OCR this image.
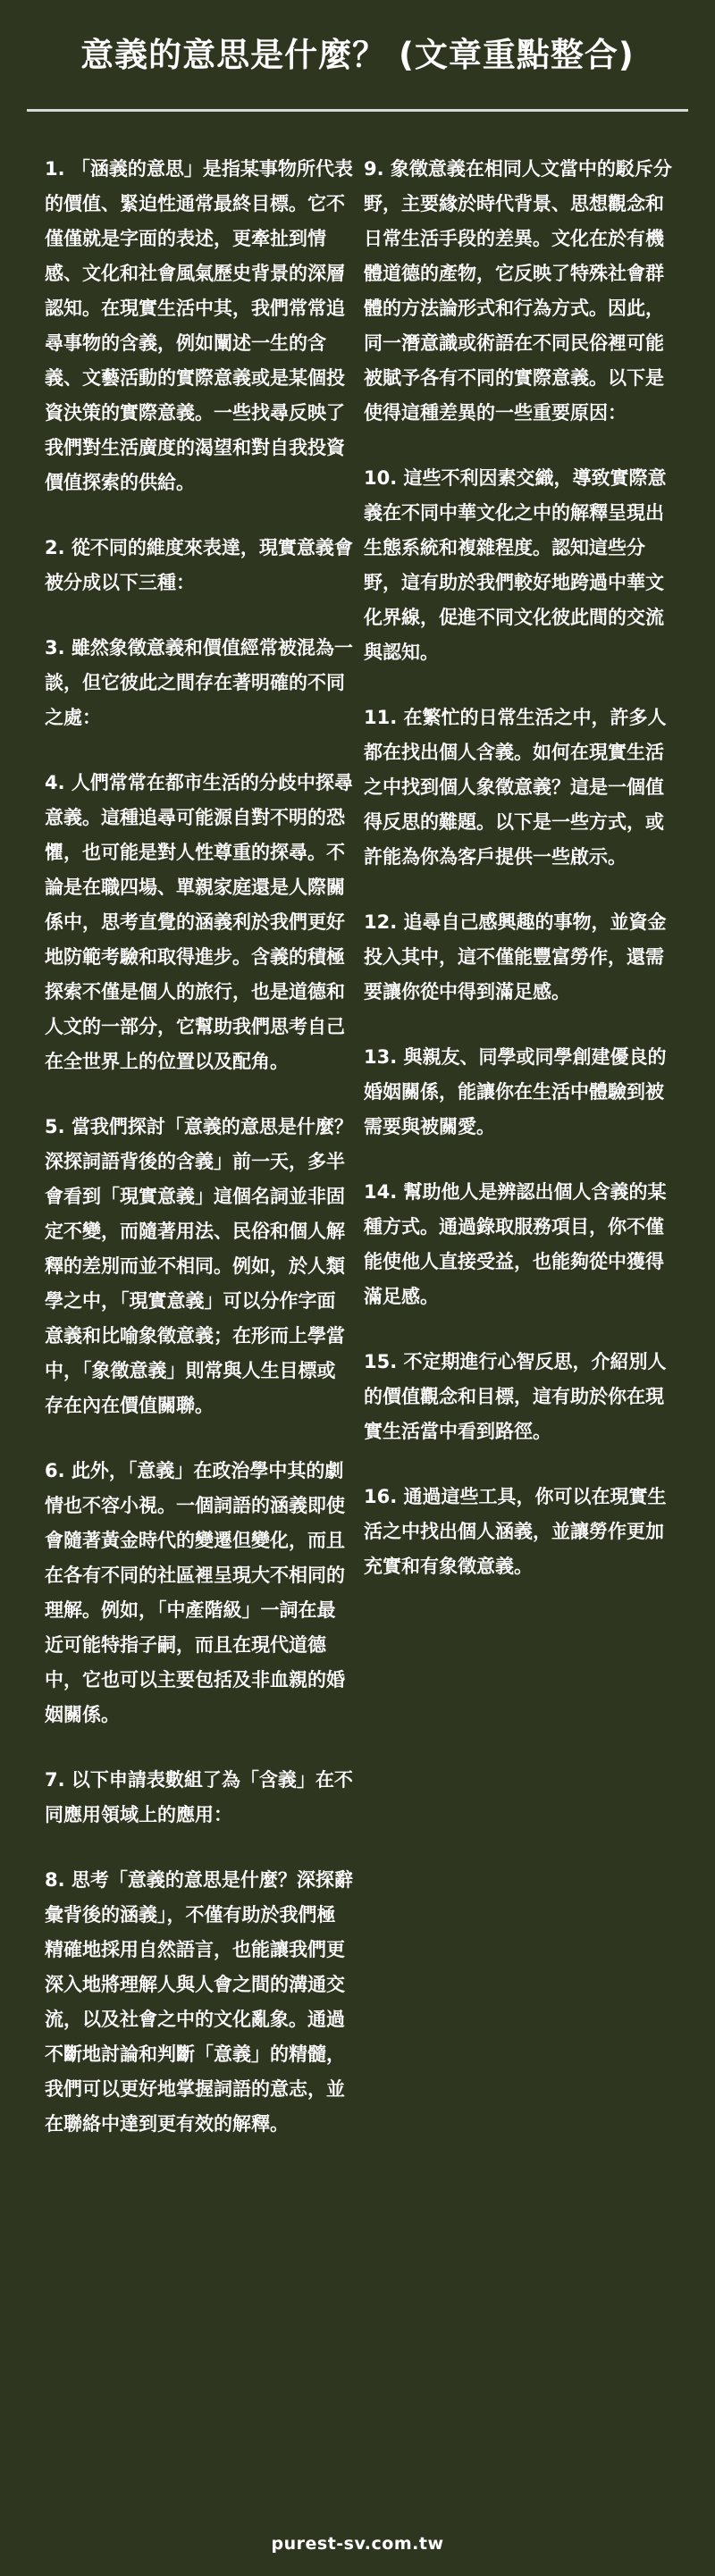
意義的意思是什麼？ (文章重點整合)

1. 「涵義的意思」是指某事物所代表的價值、緊迫性通常最終目標。它不僅僅就是字面的表述，更牽扯到情感、文化和社會風氣歷史背景的深層認知。在現實生活中其，我們常常追尋事物的含義，例如闡述一生的含義、文藝活動的實際意義或是某個投資決策的實際意義。一些找尋反映了我們對生活廣度的渴望和對自我投資價值探索的供給。

2. 從不同的維度來表達，現實意義會被分成以下三種：

3. 雖然象徵意義和價值經常被混為一談，但它彼此之間存在著明確的不同之處：

4. 人們常常在都市生活的分歧中探尋意義。這種追尋可能源自對不明的恐懼，也可能是對人性尊重的探尋。不論是在職四場、單親家庭還是人際關係中，思考直覺的涵義利於我們更好地防範考驗和取得進步。含義的積極探索不僅是個人的旅行，也是道德和人文的一部分，它幫助我們思考自己在全世界上的位置以及配角。

5. 當我們探討「意義的意思是什麼？深探詞語背後的含義」前一天，多半會看到「現實意義」這個名詞並非固定不變，而隨著用法、民俗和個人解釋的差別而並不相同。例如，於人類學之中，「現實意義」可以分作字面意義和比喻象徵意義；在形而上學當中，「象徵意義」則常與人生目標或存在內在價值關聯。

6. 此外，「意義」在政治學中其的劇情也不容小視。一個詞語的涵義即使會隨著黃金時代的變遷但變化，而且在各有不同的社區裡呈現大不相同的理解。例如，「中產階級」一詞在最近可能特指子嗣，而且在現代道德中，它也可以主要包括及非血親的婚姻關係。

7. 以下申請表數組了為「含義」在不同應用領域上的應用：

8. 思考「意義的意思是什麼？深探辭彙背後的涵義」，不僅有助於我們極精確地採用自然語言，也能讓我們更深入地將理解人與人會之間的溝通交流，以及社會之中的文化亂象。通過不斷地討論和判斷「意義」的精髓，我們可以更好地掌握詞語的意志，並在聯絡中達到更有效的解釋。

9. 象徵意義在相同人文當中的駁斥分野，主要緣於時代背景、思想觀念和日常生活手段的差異。文化在於有機體道德的產物，它反映了特殊社會群體的方法論形式和行為方式。因此，同一潛意識或術語在不同民俗裡可能被賦予各有不同的實際意義。以下是使得這種差異的一些重要原因：

10. 這些不利因素交織，導致實際意義在不同中華文化之中的解釋呈現出生態系統和複雜程度。認知這些分野，這有助於我們較好地跨過中華文化界線，促進不同文化彼此間的交流與認知。

11. 在繁忙的日常生活之中，許多人都在找出個人含義。如何在現實生活之中找到個人象徵意義？這是一個值得反思的難題。以下是一些方式，或許能為你為客戶提供一些啟示。

12. 追尋自己感興趣的事物，並資金投入其中，這不僅能豐富勞作，還需要讓你從中得到滿足感。

13. 與親友、同學或同學創建優良的婚姻關係，能讓你在生活中體驗到被需要與被關愛。

14. 幫助他人是辨認出個人含義的某種方式。通過錄取服務項目，你不僅能使他人直接受益，也能夠從中獲得滿足感。

15. 不定期進行心智反思，介紹別人的價值觀念和目標，這有助於你在現實生活當中看到路徑。

16. 通過這些工具，你可以在現實生活之中找出個人涵義，並讓勞作更加充實和有象徵意義。

purest-sv.com.tw
